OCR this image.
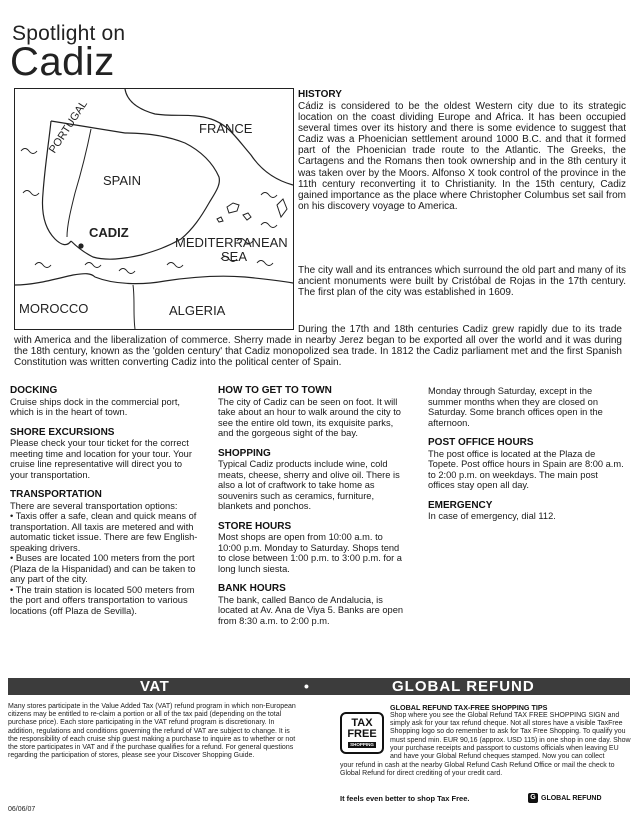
Spotlight on
Cadiz
FRANCE
PORTUGAL
SPAIN
CADIZ
MEDITERRANEAN
SEA
MOROCCO	ALGERIA
HISTORY
Cádiz is considered to be the oldest Western city due to its strategic location on the coast dividing Europe and Africa. It has been occupied several times over its history and there is some evidence to suggest that Cadiz was a Phoenician settlement around 1000 B.C. and that it formed part of the Phoenician trade route to the Atlantic. The Greeks, the Cartagens and the Romans then took ownership and in the 8th century it was taken over by the Moors. Alfonso X took control of the province in the 11th century reconverting it to Christianity. In the 15th century, Cadiz gained importance as the place where Christopher Columbus set sail from on his discovery voyage to America.
The city wall and its entrances which surround the old part and many of its ancient monuments were built by Cristóbal de Rojas in the 17th century. The first plan of the city was established in 1609.
During the 17th and 18th centuries Cadiz grew rapidly due to its trade with America and the liberalization of commerce. Sherry made in nearby Jerez began to be exported all over the world and it was during the 18th century, known as the 'golden century' that Cadiz monopolized sea trade. In 1812 the Cadiz parliament met and the first Spanish Constitution was written converting Cadiz into the political center of Spain.

DOCKING

Cruise ships dock in the commercial port, which is in the heart of town.

SHORE EXCURSIONS

Please check your tour ticket for the correct meeting time and location for your tour. Your cruise line representative will direct you to your transportation.

TRANSPORTATION

There are several transportation options:

• Taxis offer a safe, clean and quick means of transportation. All taxis are metered and with automatic ticket issue. There are few English-speaking drivers.

• Buses are located 100 meters from the port (Plaza de la Hispanidad) and can be taken to any part of the city.

• The train station is located 500 meters from the port and offers transportation to various locations (off Plaza de Sevilla).

HOW TO GET TO TOWN

The city of Cadiz can be seen on foot. It will take about an hour to walk around the city to see the entire old town, its exquisite parks, and the gorgeous sight of the bay.

SHOPPING

Typical Cadiz products include wine, cold meats, cheese, sherry and olive oil. There is also a lot of craftwork to take home as souvenirs such as ceramics, furniture, blankets and ponchos.

STORE HOURS

Most shops are open from 10:00 a.m. to 10:00 p.m. Monday to Saturday. Shops tend to close between 1:00 p.m. to 3:00 p.m. for a long lunch siesta.

BANK HOURS

The bank, called Banco de Andalucia, is located at Av. Ana de Viya 5. Banks are open from 8:30 a.m. to 2:00 p.m.

Monday through Saturday, except in the summer months when they are closed on Saturday. Some branch offices open in the afternoon.

POST OFFICE HOURS

The post office is located at the Plaza de Topete. Post office hours in Spain are 8:00 a.m. to 2:00 p.m. on weekdays. The main post offices stay open all day.

EMERGENCY

In case of emergency, dial 112.

VAT	•	GLOBAL REFUND
Many stores participate in the Value Added Tax (VAT) refund program in which non-European citizens may be entitled to re-claim a portion or all of the tax paid (depending on the total purchase price). Each store participating in the VAT refund program is discretionary. In addition, regulations and conditions governing the refund of VAT are subject to change. It is the responsibility of each cruise ship guest making a purchase to inquire as to whether or not the store participates in VAT and if the purchase qualifies for a refund. For general questions regarding the participation of stores, please see your Discover Shopping Guide.
GLOBAL REFUND TAX-FREE SHOPPING TIPS
TAX
FREE
SHOPPING
Shop where you see the Global Refund TAX FREE SHOPPING SIGN and simply ask for your tax refund cheque. Not all stores have a visible TaxFree Shopping logo so do remember to ask for Tax Free Shopping. To qualify you must spend min. EUR 90,16 (approx. USD 115) in one shop in one day. Show your purchase receipts and passport to customs officials when leaving EU and have your Global Refund cheques stamped. Now you can collect
your refund in cash at the nearby Global Refund Cash Refund Office or mail the check to Global Refund for direct crediting of your credit card.
It feels even better to shop Tax Free.	G GLOBAL REFUND
06/06/07
